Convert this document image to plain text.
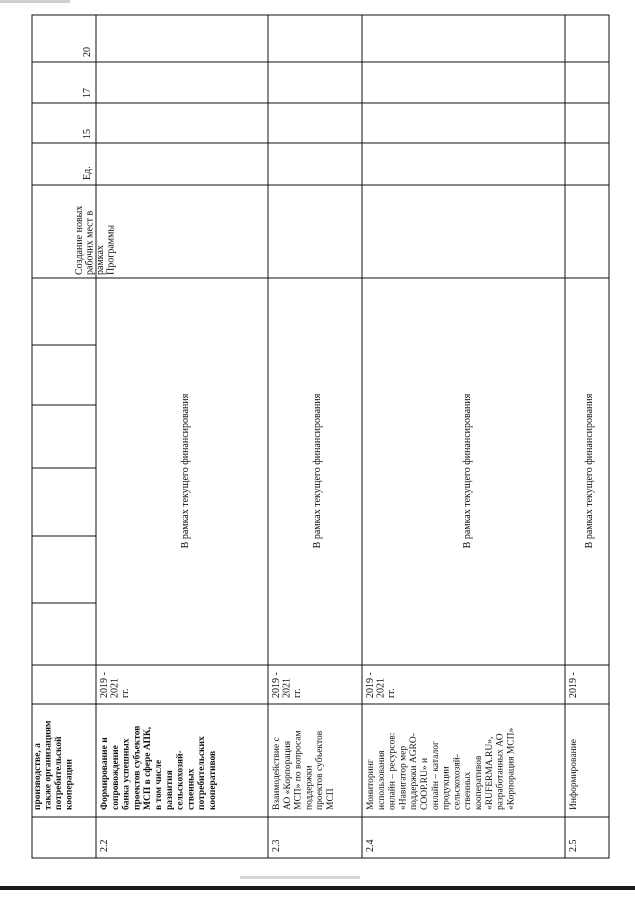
производстве, атакже организациямпотребительскойкооперации
Создание новыхрабочих мест врамкахПрограммы
Ед.
15
17
20
2.2
Формирование исопровождениебанка успешныхпроектов субъектовМСП в сфере АПК,в том числеразвитиясельскохозяй-ственныхпотребительскихкооперативов
2019 -2021гг.
В рамках текущего финансирования
2.3
Взаимодействие сАО «КорпорацияМСП» по вопросамподдержкипроектов субъектовМСП
2019 -2021гг.
В рамках текущего финансирования
2.4
Мониторингиспользованияонлайн – ресурсов:«Навигатор мерподдержки AGRO-COOP.RU» ионлайн – каталогпродукциисельскохозяй-ственныхкооперативов«RUFERMA.RU»,разработанных АО«Корпорация МСП»
2019 -2021гг.
В рамках текущего финансирования
2.5
Информирование
2019 -
В рамках текущего финансирования
